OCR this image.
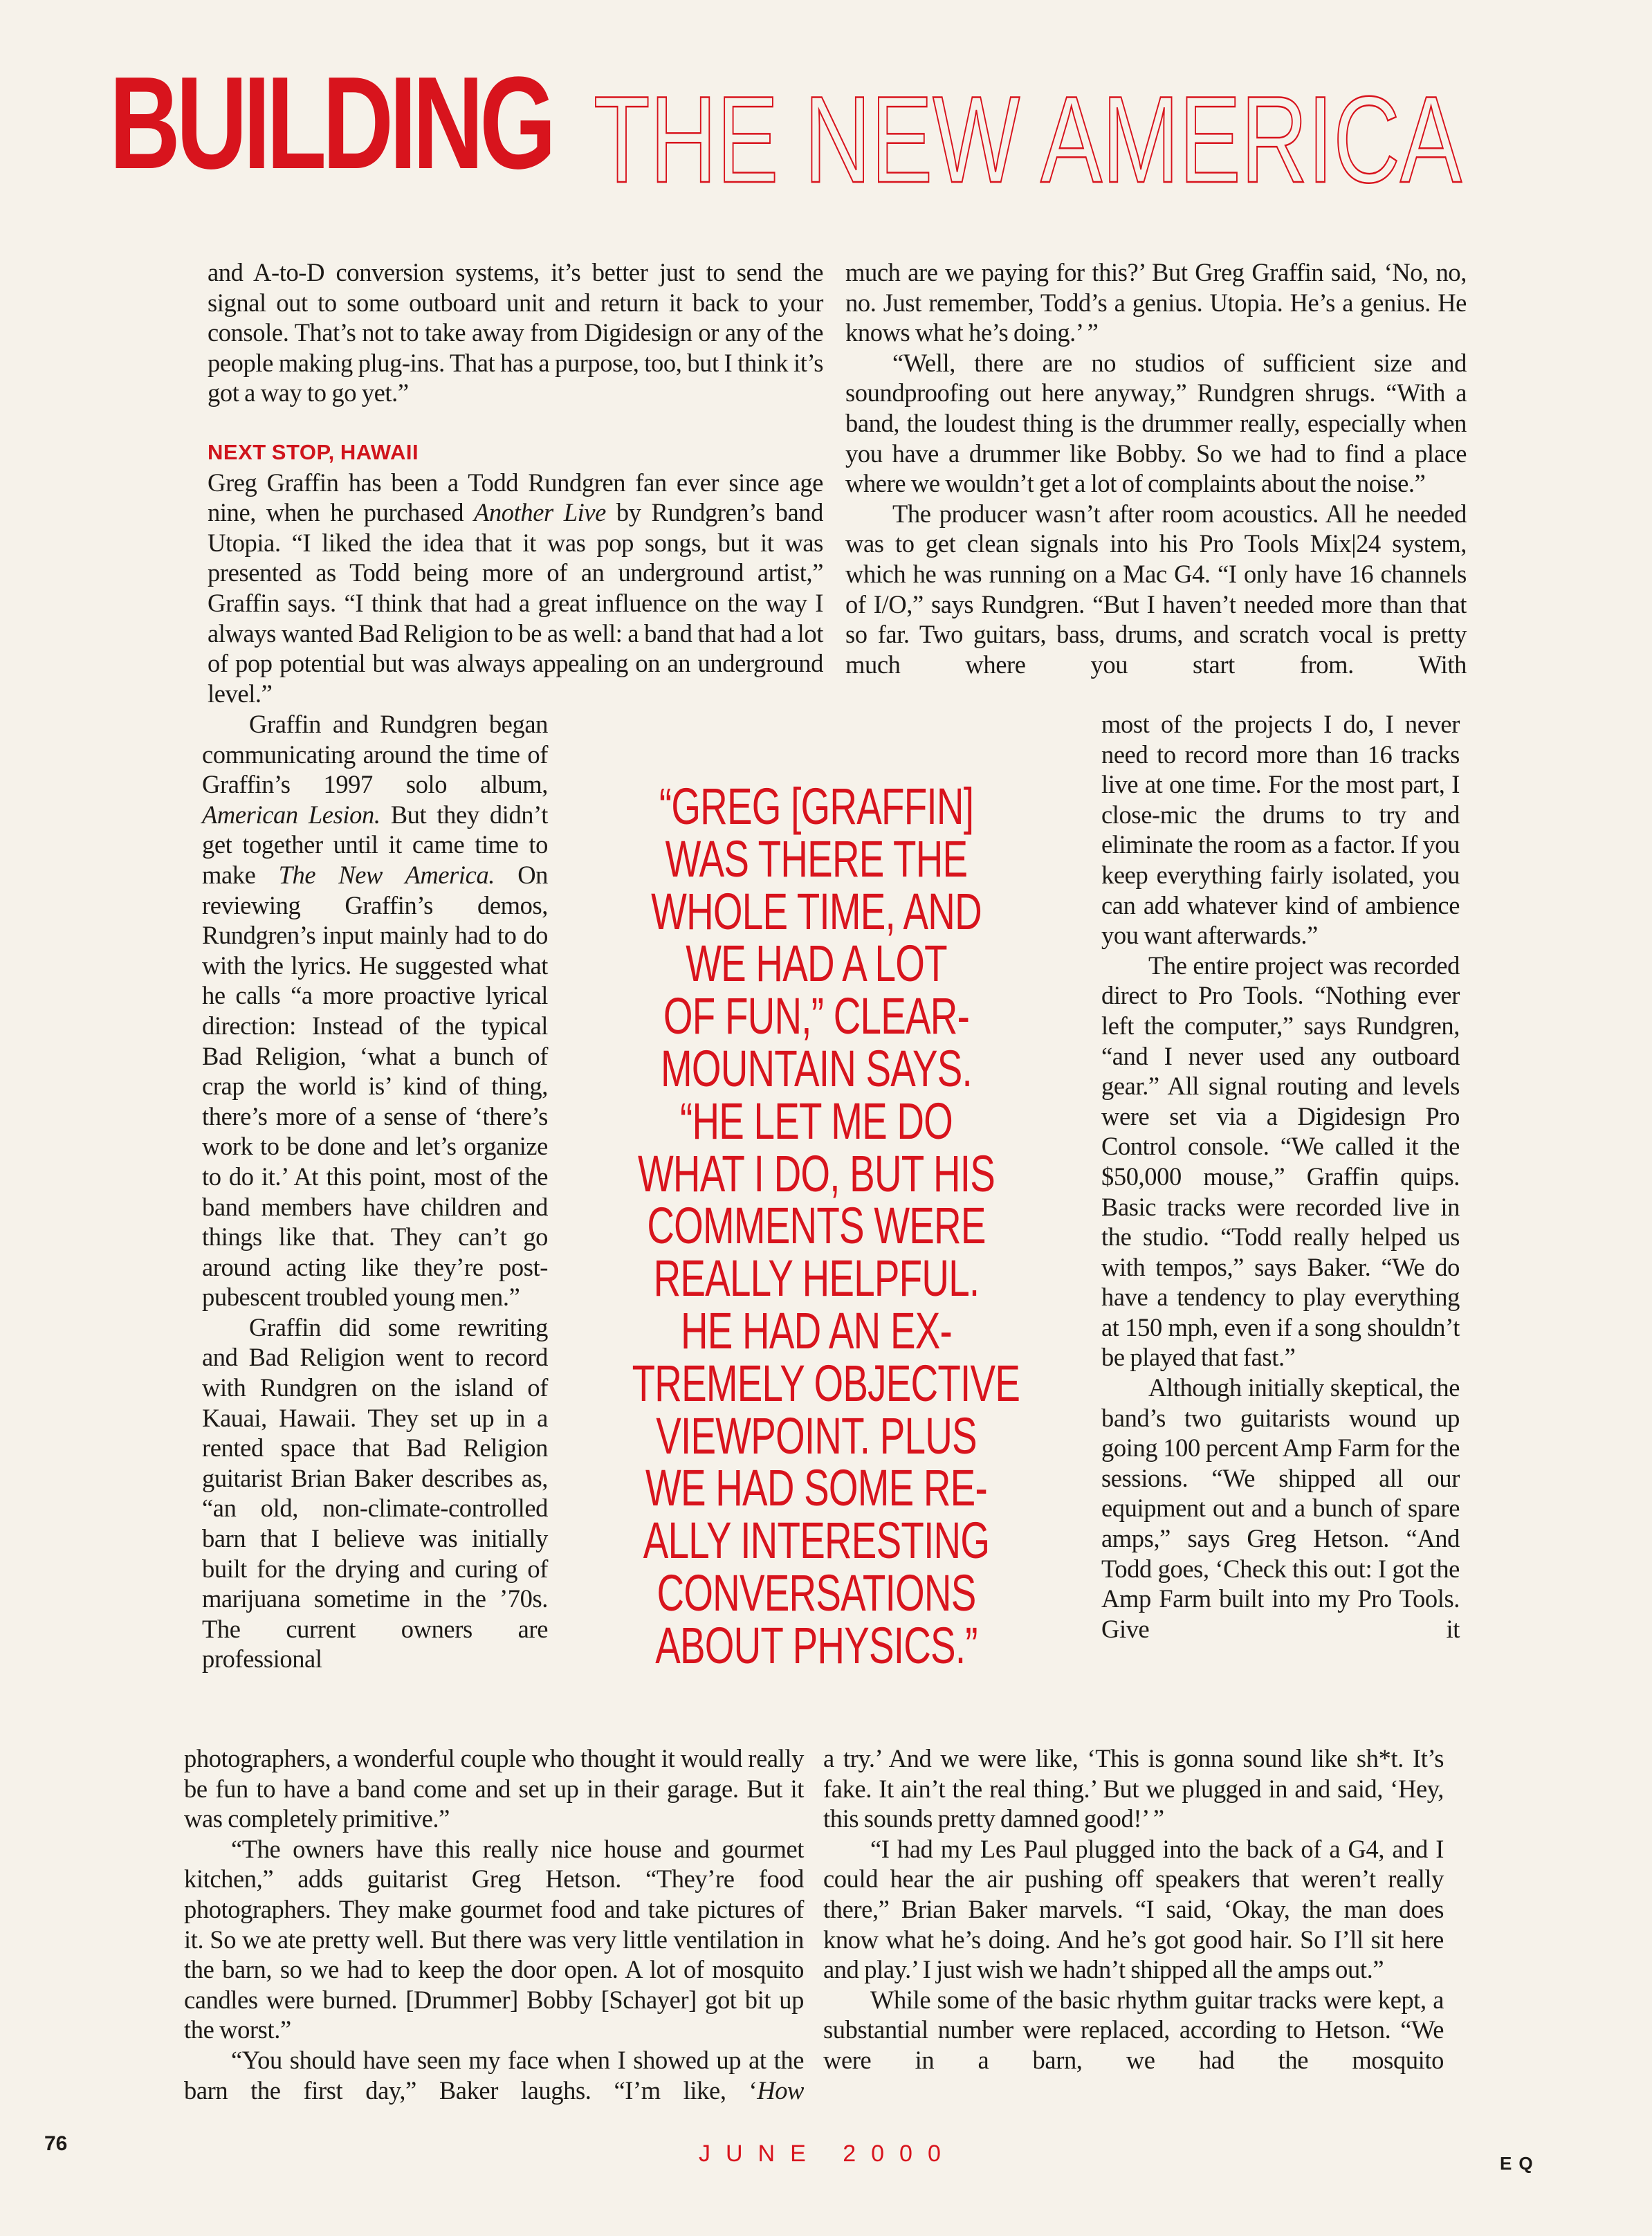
BUILDING THE NEW AMERICA

and A-to-D conversion systems, it’s better just to send the signal out to some outboard unit and return it back to your console. That’s not to take away from Digidesign or any of the people making plug-ins. That has a purpose, too, but I think it’s got a way to go yet.”

NEXT STOP, HAWAII

Greg Graffin has been a Todd Rundgren fan ever since age nine, when he purchased Another Live by Rundgren’s band Utopia. “I liked the idea that it was pop songs, but it was presented as Todd being more of an underground artist,” Graffin says. “I think that had a great influence on the way I always wanted Bad Religion to be as well: a band that had a lot of pop potential but was always appealing on an underground level.”

Graffin and Rundgren began communicating around the time of Graffin’s 1997 solo album, American Lesion. But they didn’t get together until it came time to make The New America. On reviewing Graffin’s demos, Rundgren’s input mainly had to do with the lyrics. He suggested what he calls “a more proactive lyrical direction: Instead of the typical Bad Religion, ‘what a bunch of crap the world is’ kind of thing, there’s more of a sense of ‘there’s work to be done and let’s organize to do it.’ At this point, most of the band members have children and things like that. They can’t go around acting like they’re post-pubescent troubled young men.”

Graffin did some rewriting and Bad Religion went to record with Rundgren on the island of Kauai, Hawaii. They set up in a rented space that Bad Religion guitarist Brian Baker describes as, “an old, non-climate-controlled barn that I believe was initially built for the drying and curing of marijuana sometime in the ’70s. The current owners are professional

photographers, a wonderful couple who thought it would really be fun to have a band come and set up in their garage. But it was completely primitive.”

“The owners have this really nice house and gourmet kitchen,” adds guitarist Greg Hetson. “They’re food photographers. They make gourmet food and take pictures of it. So we ate pretty well. But there was very little ventilation in the barn, so we had to keep the door open. A lot of mosquito candles were burned. [Drummer] Bobby [Schayer] got bit up the worst.”

“You should have seen my face when I showed up at the barn the first day,” Baker laughs. “I’m like, ‘How

much are we paying for this?’ But Greg Graffin said, ‘No, no, no. Just remember, Todd’s a genius. Utopia. He’s a genius. He knows what he’s doing.’ ”

“Well, there are no studios of sufficient size and soundproofing out here anyway,” Rundgren shrugs. “With a band, the loudest thing is the drummer really, especially when you have a drummer like Bobby. So we had to find a place where we wouldn’t get a lot of complaints about the noise.”

The producer wasn’t after room acoustics. All he needed was to get clean signals into his Pro Tools Mix|24 system, which he was running on a Mac G4. “I only have 16 channels of I/O,” says Rundgren. “But I haven’t needed more than that so far. Two guitars, bass, drums, and scratch vocal is pretty much where you start from. With

most of the projects I do, I never need to record more than 16 tracks live at one time. For the most part, I close-mic the drums to try and eliminate the room as a factor. If you keep everything fairly isolated, you can add whatever kind of ambience you want afterwards.”

The entire project was recorded direct to Pro Tools. “Nothing ever left the computer,” says Rundgren, “and I never used any outboard gear.” All signal routing and levels were set via a Digidesign Pro Control console. “We called it the $50,000 mouse,” Graffin quips. Basic tracks were recorded live in the studio. “Todd really helped us with tempos,” says Baker. “We do have a tendency to play everything at 150 mph, even if a song shouldn’t be played that fast.”

Although initially skeptical, the band’s two guitarists wound up going 100 percent Amp Farm for the sessions. “We shipped all our equipment out and a bunch of spare amps,” says Greg Hetson. “And Todd goes, ‘Check this out: I got the Amp Farm built into my Pro Tools. Give it

a try.’ And we were like, ‘This is gonna sound like sh*t. It’s fake. It ain’t the real thing.’ But we plugged in and said, ‘Hey, this sounds pretty damned good!’ ”

“I had my Les Paul plugged into the back of a G4, and I could hear the air pushing off speakers that weren’t really there,” Brian Baker marvels. “I said, ‘Okay, the man does know what he’s doing. And he’s got good hair. So I’ll sit here and play.’ I just wish we hadn’t shipped all the amps out.”

While some of the basic rhythm guitar tracks were kept, a substantial number were replaced, according to Hetson. “We were in a barn, we had the mosquito

“GREG [GRAFFIN]
WAS THERE THE
WHOLE TIME, AND
WE HAD A LOT
OF FUN,” CLEAR-
MOUNTAIN SAYS.
“HE LET ME DO
WHAT I DO, BUT HIS
COMMENTS WERE
REALLY HELPFUL.
HE HAD AN EX-
TREMELY OBJECTIVE
VIEWPOINT. PLUS
WE HAD SOME RE-
ALLY INTERESTING
CONVERSATIONS
ABOUT PHYSICS.”
76	JUNE 2000	EQ
